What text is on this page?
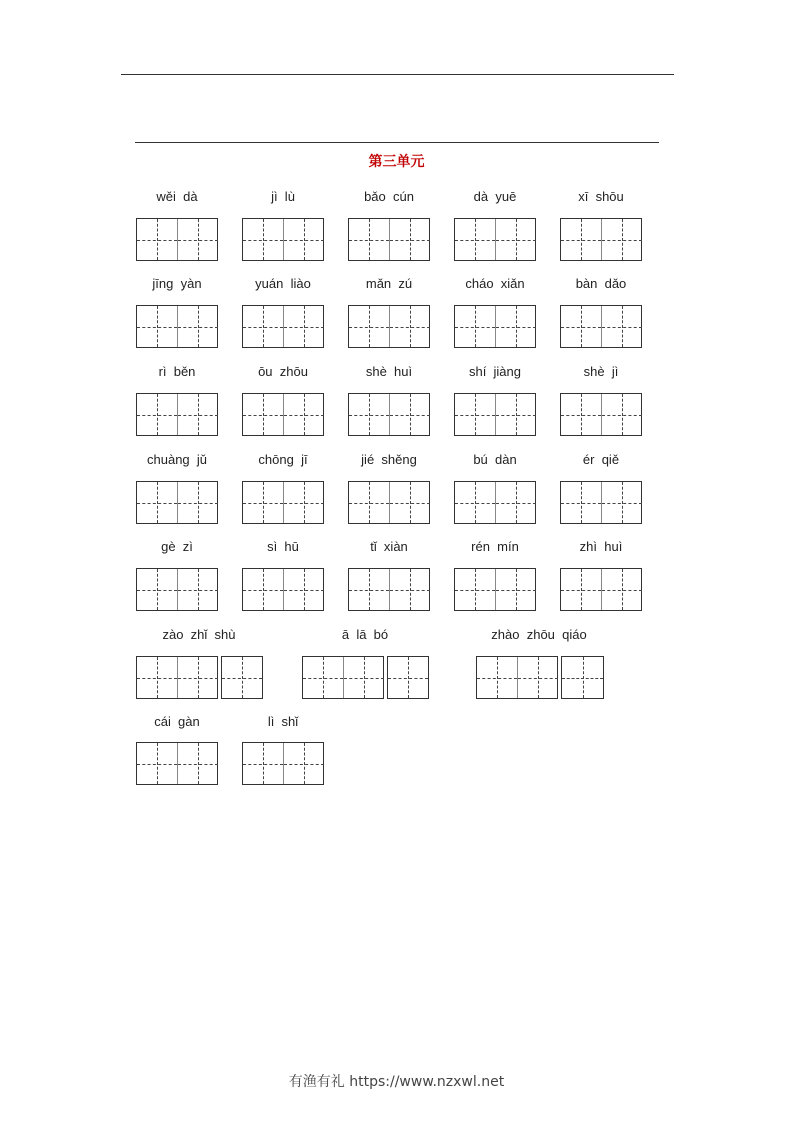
第三单元
wěi  dà	jì  lù	bǎo  cún	dà  yuē	xī  shōu
jīng  yàn	yuán  liào	mǎn  zú	cháo  xiǎn	bàn  dǎo
rì  běn	ōu  zhōu	shè  huì	shí  jiàng	shè  jì
chuàng  jǔ	chōng  jī	jié  shěng	bú  dàn	ér  qiě
gè  zì	sì  hū	tǐ  xiàn	rén  mín	zhì  huì
zào  zhǐ  shù	ā  lā  bó	zhào  zhōu  qiáo
cái  gàn	lì  shǐ
有渔有礼 https://www.nzxwl.net
